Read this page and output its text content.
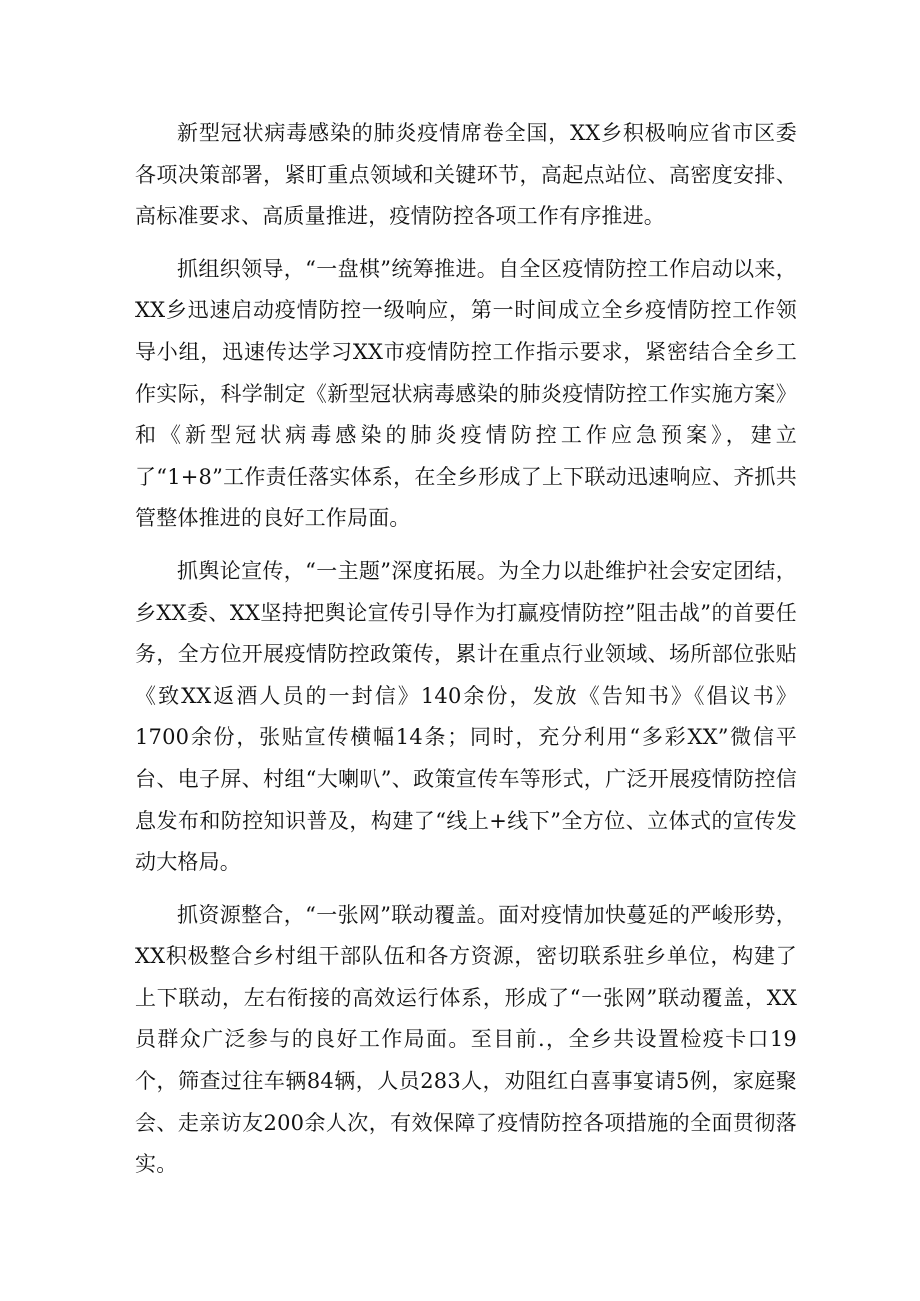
新型冠状病毒感染的肺炎疫情席卷全国，XX乡积极响应省市区委各项决策部署，紧盯重点领域和关键环节，高起点站位、高密度安排、高标准要求、高质量推进，疫情防控各项工作有序推进。

抓组织领导，“一盘棋”统筹推进。自全区疫情防控工作启动以来，XX乡迅速启动疫情防控一级响应，第一时间成立全乡疫情防控工作领导小组，迅速传达学习XX市疫情防控工作指示要求，紧密结合全乡工作实际，科学制定《新型冠状病毒感染的肺炎疫情防控工作实施方案》和《新型冠状病毒感染的肺炎疫情防控工作应急预案》，建立了“1+8”工作责任落实体系，在全乡形成了上下联动迅速响应、齐抓共管整体推进的良好工作局面。

抓舆论宣传，“一主题”深度拓展。为全力以赴维护社会安定团结，乡XX委、XX坚持把舆论宣传引导作为打赢疫情防控”阻击战”的首要任务，全方位开展疫情防控政策传，累计在重点行业领域、场所部位张贴《致XX返酒人员的一封信》140余份，发放《告知书》《倡议书》1700余份，张贴宣传横幅14条；同时，充分利用“多彩XX”微信平台、电子屏、村组“大喇叭”、政策宣传车等形式，广泛开展疫情防控信息发布和防控知识普及，构建了“线上+线下”全方位、立体式的宣传发动大格局。

抓资源整合，“一张网”联动覆盖。面对疫情加快蔓延的严峻形势，XX积极整合乡村组干部队伍和各方资源，密切联系驻乡单位，构建了上下联动，左右衔接的高效运行体系，形成了“一张网”联动覆盖，XX员群众广泛参与的良好工作局面。至目前.，全乡共设置检疫卡口19个，筛查过往车辆84辆，人员283人，劝阻红白喜事宴请5例，家庭聚会、走亲访友200余人次，有效保障了疫情防控各项措施的全面贯彻落实。
